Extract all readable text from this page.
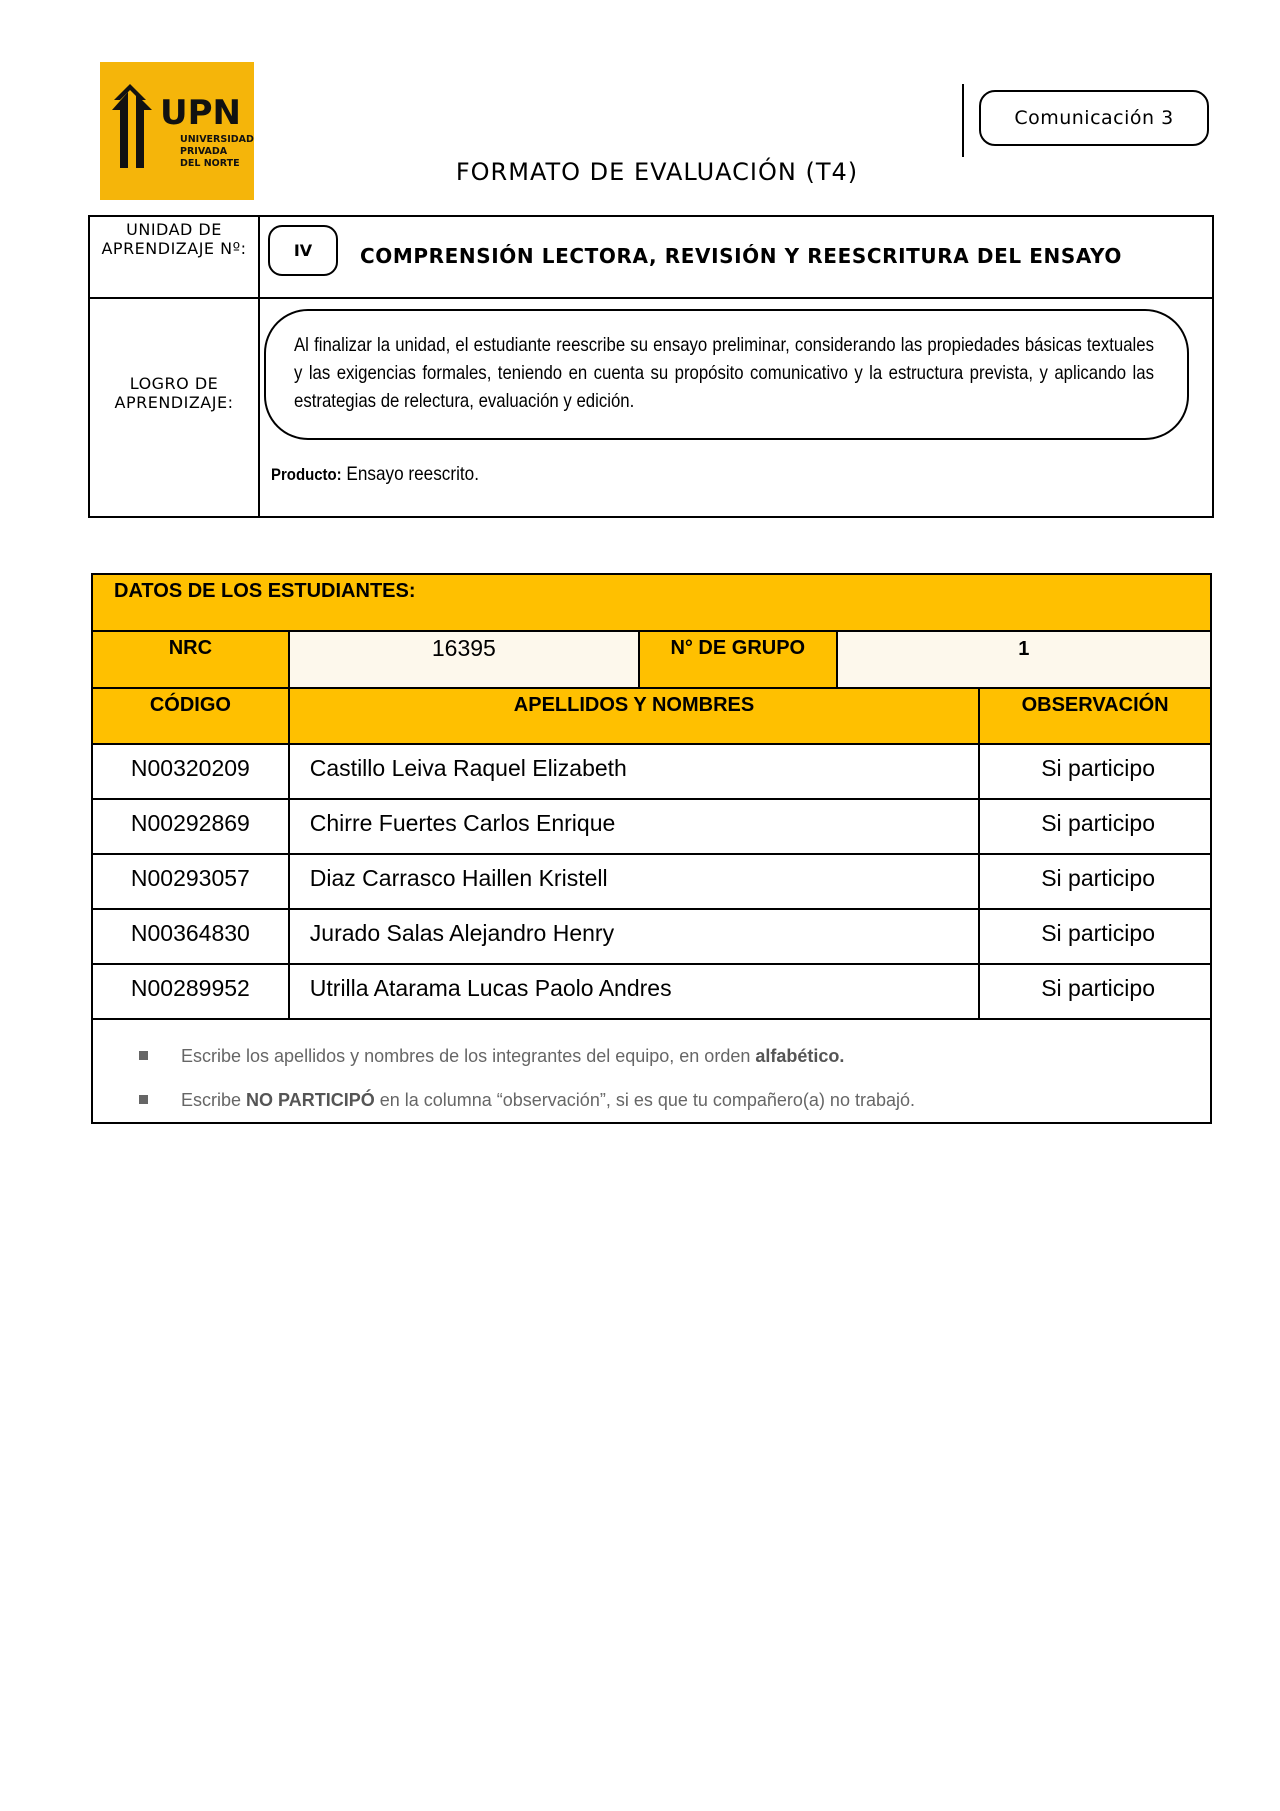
UPN
UNIVERSIDAD
PRIVADA
DEL NORTE
Comunicación 3
FORMATO DE EVALUACIÓN (T4)
UNIDAD DE APRENDIZAJE Nº:	IV	COMPRENSIÓN LECTORA, REVISIÓN Y REESCRITURA DEL ENSAYO
LOGRO DE APRENDIZAJE:
Al finalizar la unidad, el estudiante reescribe su ensayo preliminar, considerando las propiedades básicas textuales y las exigencias formales, teniendo en cuenta su propósito comunicativo y la estructura prevista, y aplicando las estrategias de relectura, evaluación y edición.
Producto: Ensayo reescrito.
DATOS DE LOS ESTUDIANTES:				
NRC	16395	N° DE GRUPO	1	
CÓDIGO	APELLIDOS Y NOMBRES			OBSERVACIÓN
N00320209	Castillo Leiva Raquel Elizabeth			Si participo
N00292869	Chirre Fuertes Carlos Enrique			Si participo
N00293057	Diaz Carrasco Haillen Kristell			Si participo
N00364830	Jurado Salas Alejandro Henry			Si participo
N00289952	Utrilla Atarama Lucas Paolo Andres			Si participo

Escribe los apellidos y nombres de los integrantes del equipo, en orden alfabético.
Escribe NO PARTICIPÓ en la columna “observación”, si es que tu compañero(a) no trabajó.				
